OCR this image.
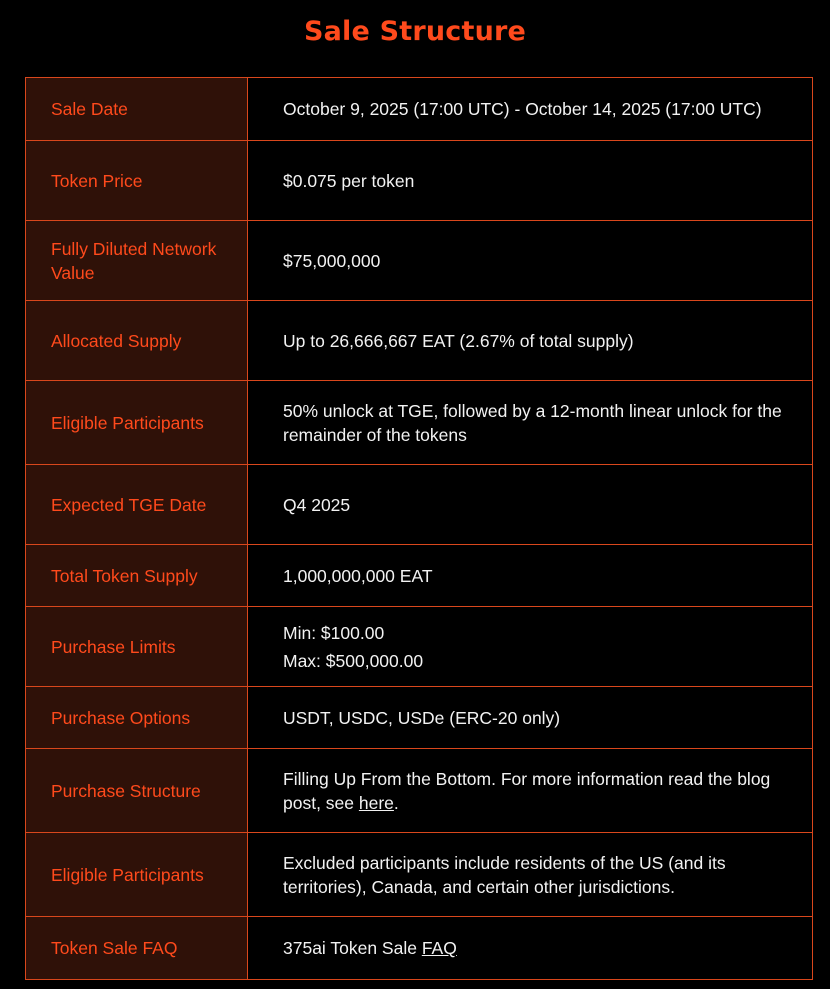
Sale Structure
Sale Date	October 9, 2025 (17:00 UTC) - October 14, 2025 (17:00 UTC)
Token Price	$0.075 per token
Fully Diluted Network Value	$75,000,000
Allocated Supply	Up to 26,666,667 EAT (2.67% of total supply)
Eligible Participants	50% unlock at TGE, followed by a 12-month linear unlock for the remainder of the tokens
Expected TGE Date	Q4 2025
Total Token Supply	1,000,000,000 EAT
Purchase Limits	Min: $100.00
Max: $500,000.00

Purchase Options	USDT, USDC, USDe (ERC-20 only)
Purchase Structure	Filling Up From the Bottom. For more information read the blog post, see here.
Eligible Participants	Excluded participants include residents of the US (and its territories), Canada, and certain other jurisdictions.
Token Sale FAQ	375ai Token Sale FAQ
